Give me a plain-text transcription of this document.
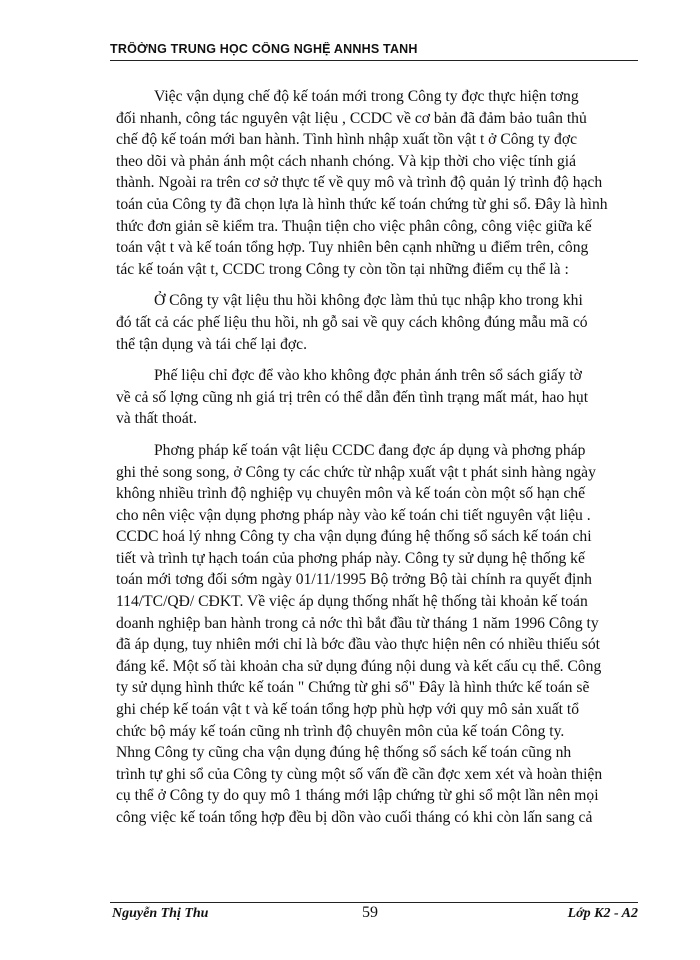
TRÔỜNG TRUNG HỌC CÔNG NGHỆ ANNHS TANH

Việc vận dụng chế độ kế toán mới trong Công ty đợc thực hiện tơng
đối nhanh, công tác nguyên vật liệu , CCDC về cơ bản đã đảm bảo tuân thủ
chế độ kế toán mới ban hành. Tình hình nhập xuất tồn vật t ở Công ty đợc
theo dõi và phản ánh một cách nhanh chóng. Và kịp thời cho việc tính giá
thành. Ngoài ra trên cơ sở thực tế về quy mô và trình độ quản lý trình độ hạch
toán của Công ty đã chọn lựa là hình thức kế toán chứng từ ghi sổ. Đây là hình
thức đơn giản sẽ kiểm tra. Thuận tiện cho việc phân công, công việc giữa kế
toán vật t và kế toán tổng hợp. Tuy nhiên bên cạnh những u điểm trên, công
tác kế toán vật t, CCDC trong Công ty còn tồn tại những điểm cụ thể là :

Ở Công ty vật liệu thu hồi không đợc làm thủ tục nhập kho trong khi
đó tất cả các phế liệu thu hồi, nh gỗ sai về quy cách không đúng mẫu mã có
thể tận dụng và tái chế lại đợc.

Phế liệu chỉ đợc để vào kho không đợc phản ánh trên sổ sách giấy tờ
về cả số lợng cũng nh giá trị trên có thể dẫn đến tình trạng mất mát, hao hụt
và thất thoát.

Phơng pháp kế toán vật liệu CCDC đang đợc áp dụng và phơng pháp
ghi thẻ song song, ở Công ty các chức từ nhập xuất vật t phát sinh hàng ngày
không nhiều trình độ nghiệp vụ chuyên môn và kế toán còn một số hạn chế
cho nên việc vận dụng phơng pháp này vào kế toán chi tiết nguyên vật liệu .
CCDC hoá lý nhng Công ty cha vận dụng đúng hệ thống sổ sách kế toán chi
tiết và trình tự hạch toán của phơng pháp này. Công ty sử dụng hệ thống kế
toán mới tơng đối sớm ngày 01/11/1995 Bộ trởng Bộ tài chính ra quyết định
114/TC/QĐ/ CĐKT. Về việc áp dụng thống nhất hệ thống tài khoản kế toán
doanh nghiệp ban hành trong cả nớc thì bắt đầu từ tháng 1 năm 1996 Công ty
đã áp dụng, tuy nhiên mới chỉ là bớc đầu vào thực hiện nên có nhiều thiếu sót
đáng kể. Một số tài khoản cha sử dụng đúng nội dung và kết cấu cụ thể. Công
ty sử dụng hình thức kế toán " Chứng từ ghi sổ" Đây là hình thức kế toán sẽ
ghi chép kế toán vật t và kế toán tổng hợp phù hợp với quy mô sản xuất tổ
chức bộ máy kế toán cũng nh trình độ chuyên môn của kế toán Công ty.
Nhng Công ty cũng cha vận dụng đúng hệ thống sổ sách kế toán cũng nh
trình tự ghi sổ của Công ty cùng một số vấn đề cần đợc xem xét và hoàn thiện
cụ thể ở Công ty do quy mô 1 tháng mới lập chứng từ ghi sổ một lần nên mọi
công việc kế toán tổng hợp đều bị dồn vào cuối tháng có khi còn lấn sang cả

Nguyễn Thị Thu	59	Lớp K2 - A2
